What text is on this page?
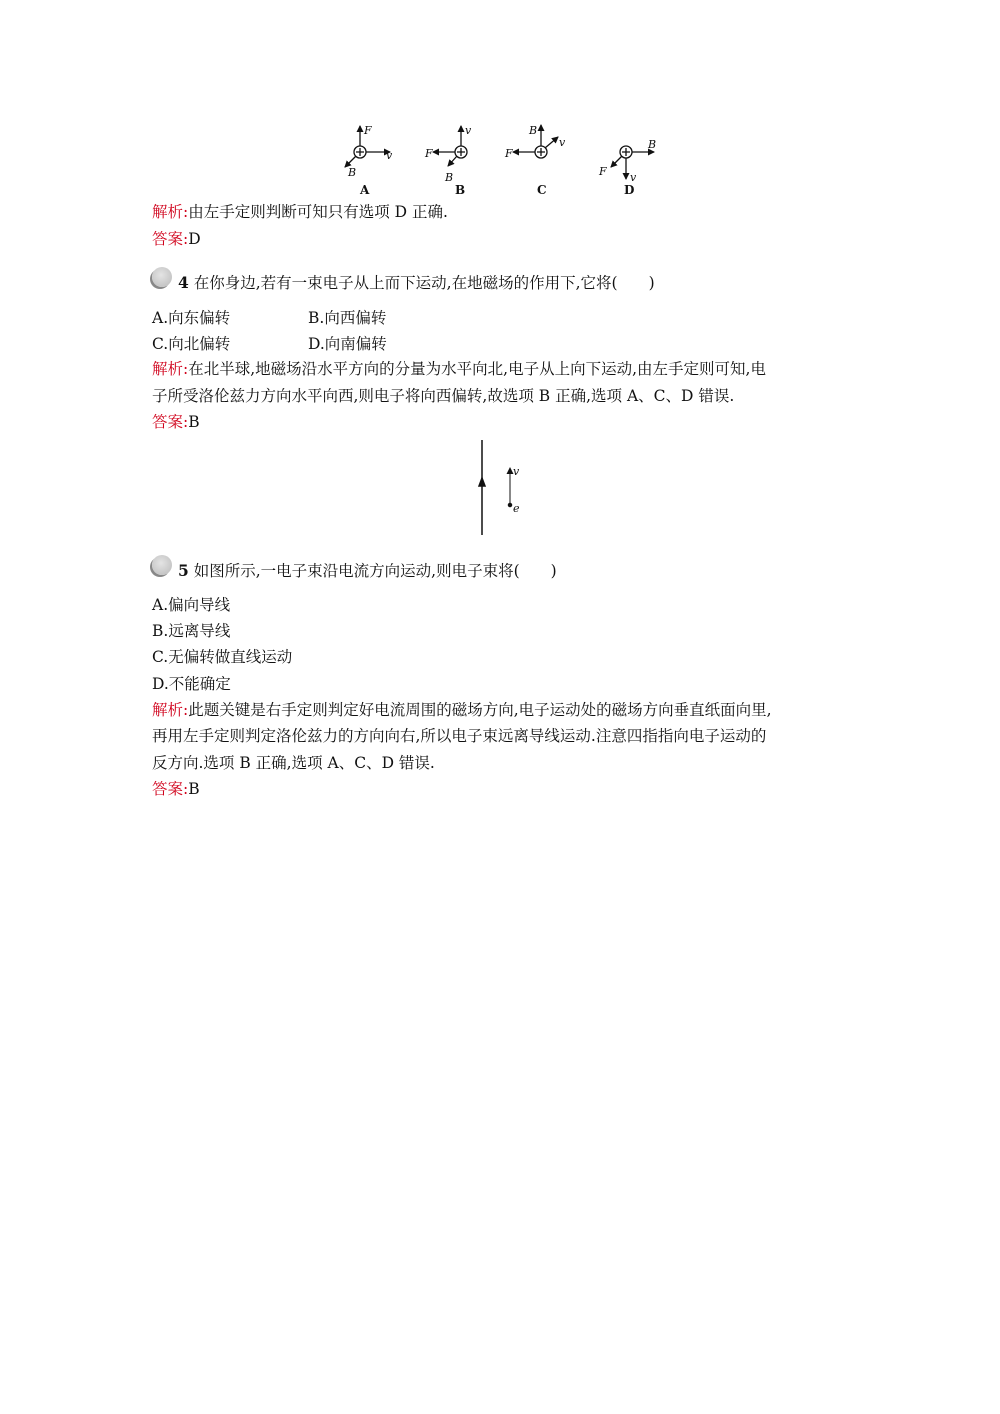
F
v
B
A
v
F
B
B
B
v
F
C
B
v
F
D
v
e
解析:由左手定则判断可知只有选项 D 正确.
答案:D
4 在你身边,若有一束电子从上而下运动,在地磁场的作用下,它将(　　)
A.向东偏转	B.向西偏转
C.向北偏转	D.向南偏转
解析:在北半球,地磁场沿水平方向的分量为水平向北,电子从上向下运动,由左手定则可知,电
子所受洛伦兹力方向水平向西,则电子将向西偏转,故选项 B 正确,选项 A、C、D 错误.
答案:B
5 如图所示,一电子束沿电流方向运动,则电子束将(　　)
A.偏向导线
B.远离导线
C.无偏转做直线运动
D.不能确定
解析:此题关键是右手定则判定好电流周围的磁场方向,电子运动处的磁场方向垂直纸面向里,
再用左手定则判定洛伦兹力的方向向右,所以电子束远离导线运动.注意四指指向电子运动的
反方向.选项 B 正确,选项 A、C、D 错误.
答案:B
